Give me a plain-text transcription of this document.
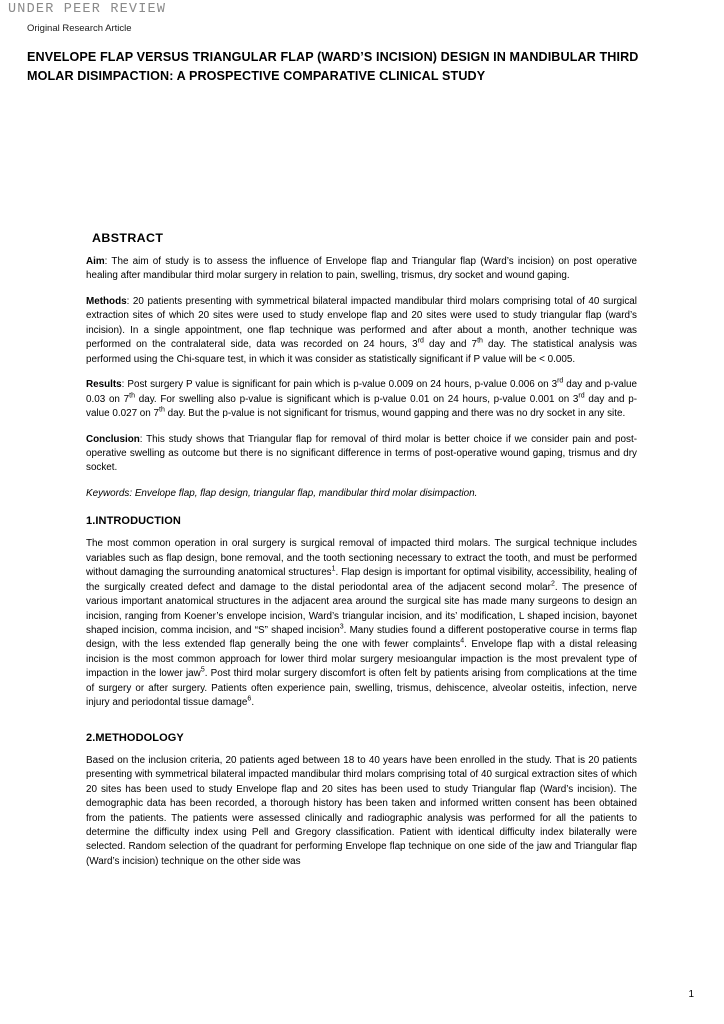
UNDER PEER REVIEW
Original Research Article
ENVELOPE FLAP VERSUS TRIANGULAR FLAP (WARD’S INCISION) DESIGN IN MANDIBULAR THIRD MOLAR DISIMPACTION: A PROSPECTIVE COMPARATIVE CLINICAL STUDY
ABSTRACT

Aim: The aim of study is to assess the influence of Envelope flap and Triangular flap (Ward’s incision) on post operative healing after mandibular third molar surgery in relation to pain, swelling, trismus, dry socket and wound gaping.

Methods: 20 patients presenting with symmetrical bilateral impacted mandibular third molars comprising total of 40 surgical extraction sites of which 20 sites were used to study envelope flap and 20 sites were used to study triangular flap (ward’s incision). In a single appointment, one flap technique was performed and after about a month, another technique was performed on the contralateral side, data was recorded on 24 hours, 3rd day and 7th day. The statistical analysis was performed using the Chi-square test, in which it was consider as statistically significant if P value will be < 0.005.

Results: Post surgery P value is significant for pain which is p-value 0.009 on 24 hours, p-value 0.006 on 3rd day and p-value 0.03 on 7th day. For swelling also p-value is significant which is p-value 0.01 on 24 hours, p-value 0.001 on 3rd day and p-value 0.027 on 7th day. But the p-value is not significant for trismus, wound gapping and there was no dry socket in any site.

Conclusion: This study shows that Triangular flap for removal of third molar is better choice if we consider pain and post-operative swelling as outcome but there is no significant difference in terms of post-operative wound gaping, trismus and dry socket.

Keywords: Envelope flap, flap design, triangular flap, mandibular third molar disimpaction.

1.INTRODUCTION

The most common operation in oral surgery is surgical removal of impacted third molars. The surgical technique includes variables such as flap design, bone removal, and the tooth sectioning necessary to extract the tooth, and must be performed without damaging the surrounding anatomical structures$^1$. Flap design is important for optimal visibility, accessibility, healing of the surgically created defect and damage to the distal periodontal area of the adjacent second molar$^2$. The presence of various important anatomical structures in the adjacent area around the surgical site has made many surgeons to design an incision, ranging from Koener’s envelope incision, Ward’s triangular incision, and its’ modification, L shaped incision, bayonet shaped incision, comma incision, and “S” shaped incision$^3$. Many studies found a different postoperative course in terms flap design, with the less extended flap generally being the one with fewer complaints$^4$. Envelope flap with a distal releasing incision is the most common approach for lower third molar surgery mesioangular impaction is the most prevalent type of impaction in the lower jaw$^5$. Post third molar surgery discomfort is often felt by patients arising from complications at the time of surgery or after surgery. Patients often experience pain, swelling, trismus, dehiscence, alveolar osteitis, infection, nerve injury and periodontal tissue damage$^6$.

2.METHODOLOGY

Based on the inclusion criteria, 20 patients aged between 18 to 40 years have been enrolled in the study. That is 20 patients presenting with symmetrical bilateral impacted mandibular third molars comprising total of 40 surgical extraction sites of which 20 sites has been used to study Envelope flap and 20 sites has been used to study Triangular flap (Ward’s incision). The demographic data has been recorded, a thorough history has been taken and informed written consent has been obtained from the patients. The patients were assessed clinically and radiographic analysis was performed for all the patients to determine the difficulty index using Pell and Gregory classification. Patient with identical difficulty index bilaterally were selected. Random selection of the quadrant for performing Envelope flap technique on one side of the jaw and Triangular flap (Ward’s incision) technique on the other side was

1
